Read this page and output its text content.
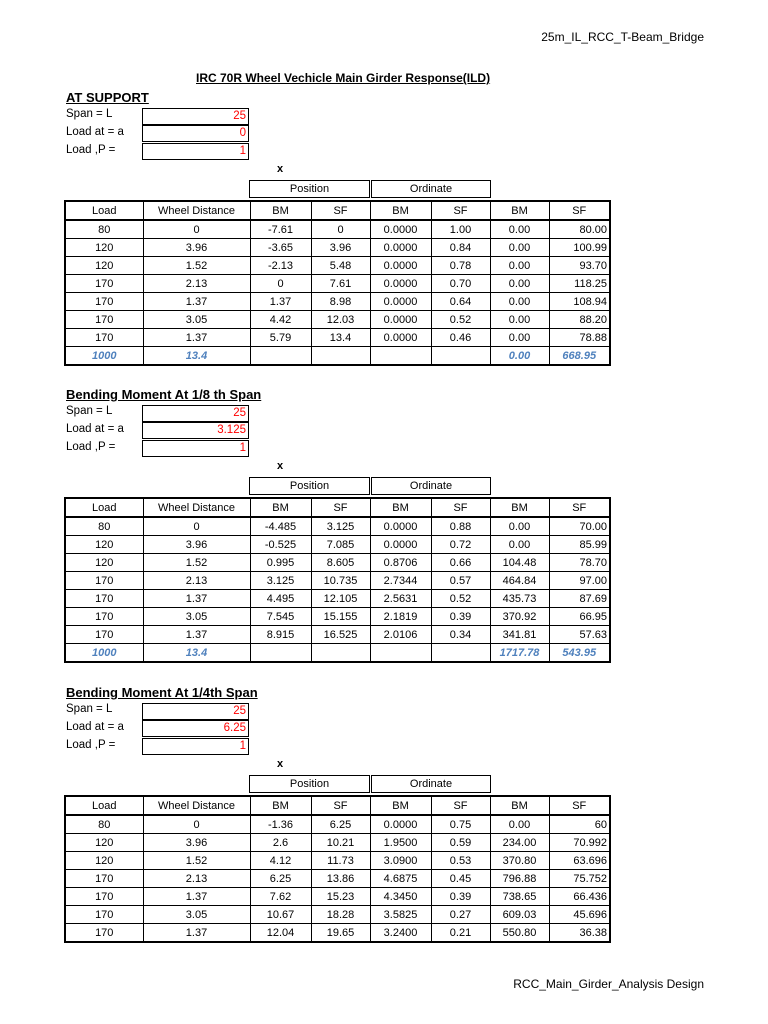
25m_IL_RCC_T-Beam_Bridge
IRC 70R Wheel Vechicle Main Girder Response(ILD)
AT SUPPORT
Span = L	25
Load at = a	0
Load ,P =	1
x
Position	Ordinate
Load	Wheel Distance	BM	SF	BM	SF	BM	SF
80	0	-7.61	0	0.0000	1.00	0.00	80.00
120	3.96	-3.65	3.96	0.0000	0.84	0.00	100.99
120	1.52	-2.13	5.48	0.0000	0.78	0.00	93.70
170	2.13	0	7.61	0.0000	0.70	0.00	118.25
170	1.37	1.37	8.98	0.0000	0.64	0.00	108.94
170	3.05	4.42	12.03	0.0000	0.52	0.00	88.20
170	1.37	5.79	13.4	0.0000	0.46	0.00	78.88
1000	13.4					0.00	668.95
Bending Moment At 1/8 th Span
Span = L	25
Load at = a	3.125
Load ,P =	1
x
Position	Ordinate
Load	Wheel Distance	BM	SF	BM	SF	BM	SF
80	0	-4.485	3.125	0.0000	0.88	0.00	70.00
120	3.96	-0.525	7.085	0.0000	0.72	0.00	85.99
120	1.52	0.995	8.605	0.8706	0.66	104.48	78.70
170	2.13	3.125	10.735	2.7344	0.57	464.84	97.00
170	1.37	4.495	12.105	2.5631	0.52	435.73	87.69
170	3.05	7.545	15.155	2.1819	0.39	370.92	66.95
170	1.37	8.915	16.525	2.0106	0.34	341.81	57.63
1000	13.4					1717.78	543.95
Bending Moment At 1/4th Span
Span = L	25
Load at = a	6.25
Load ,P =	1
x
Position	Ordinate
Load	Wheel Distance	BM	SF	BM	SF	BM	SF
80	0	-1.36	6.25	0.0000	0.75	0.00	60
120	3.96	2.6	10.21	1.9500	0.59	234.00	70.992
120	1.52	4.12	11.73	3.0900	0.53	370.80	63.696
170	2.13	6.25	13.86	4.6875	0.45	796.88	75.752
170	1.37	7.62	15.23	4.3450	0.39	738.65	66.436
170	3.05	10.67	18.28	3.5825	0.27	609.03	45.696
170	1.37	12.04	19.65	3.2400	0.21	550.80	36.38
RCC_Main_Girder_Analysis Design
